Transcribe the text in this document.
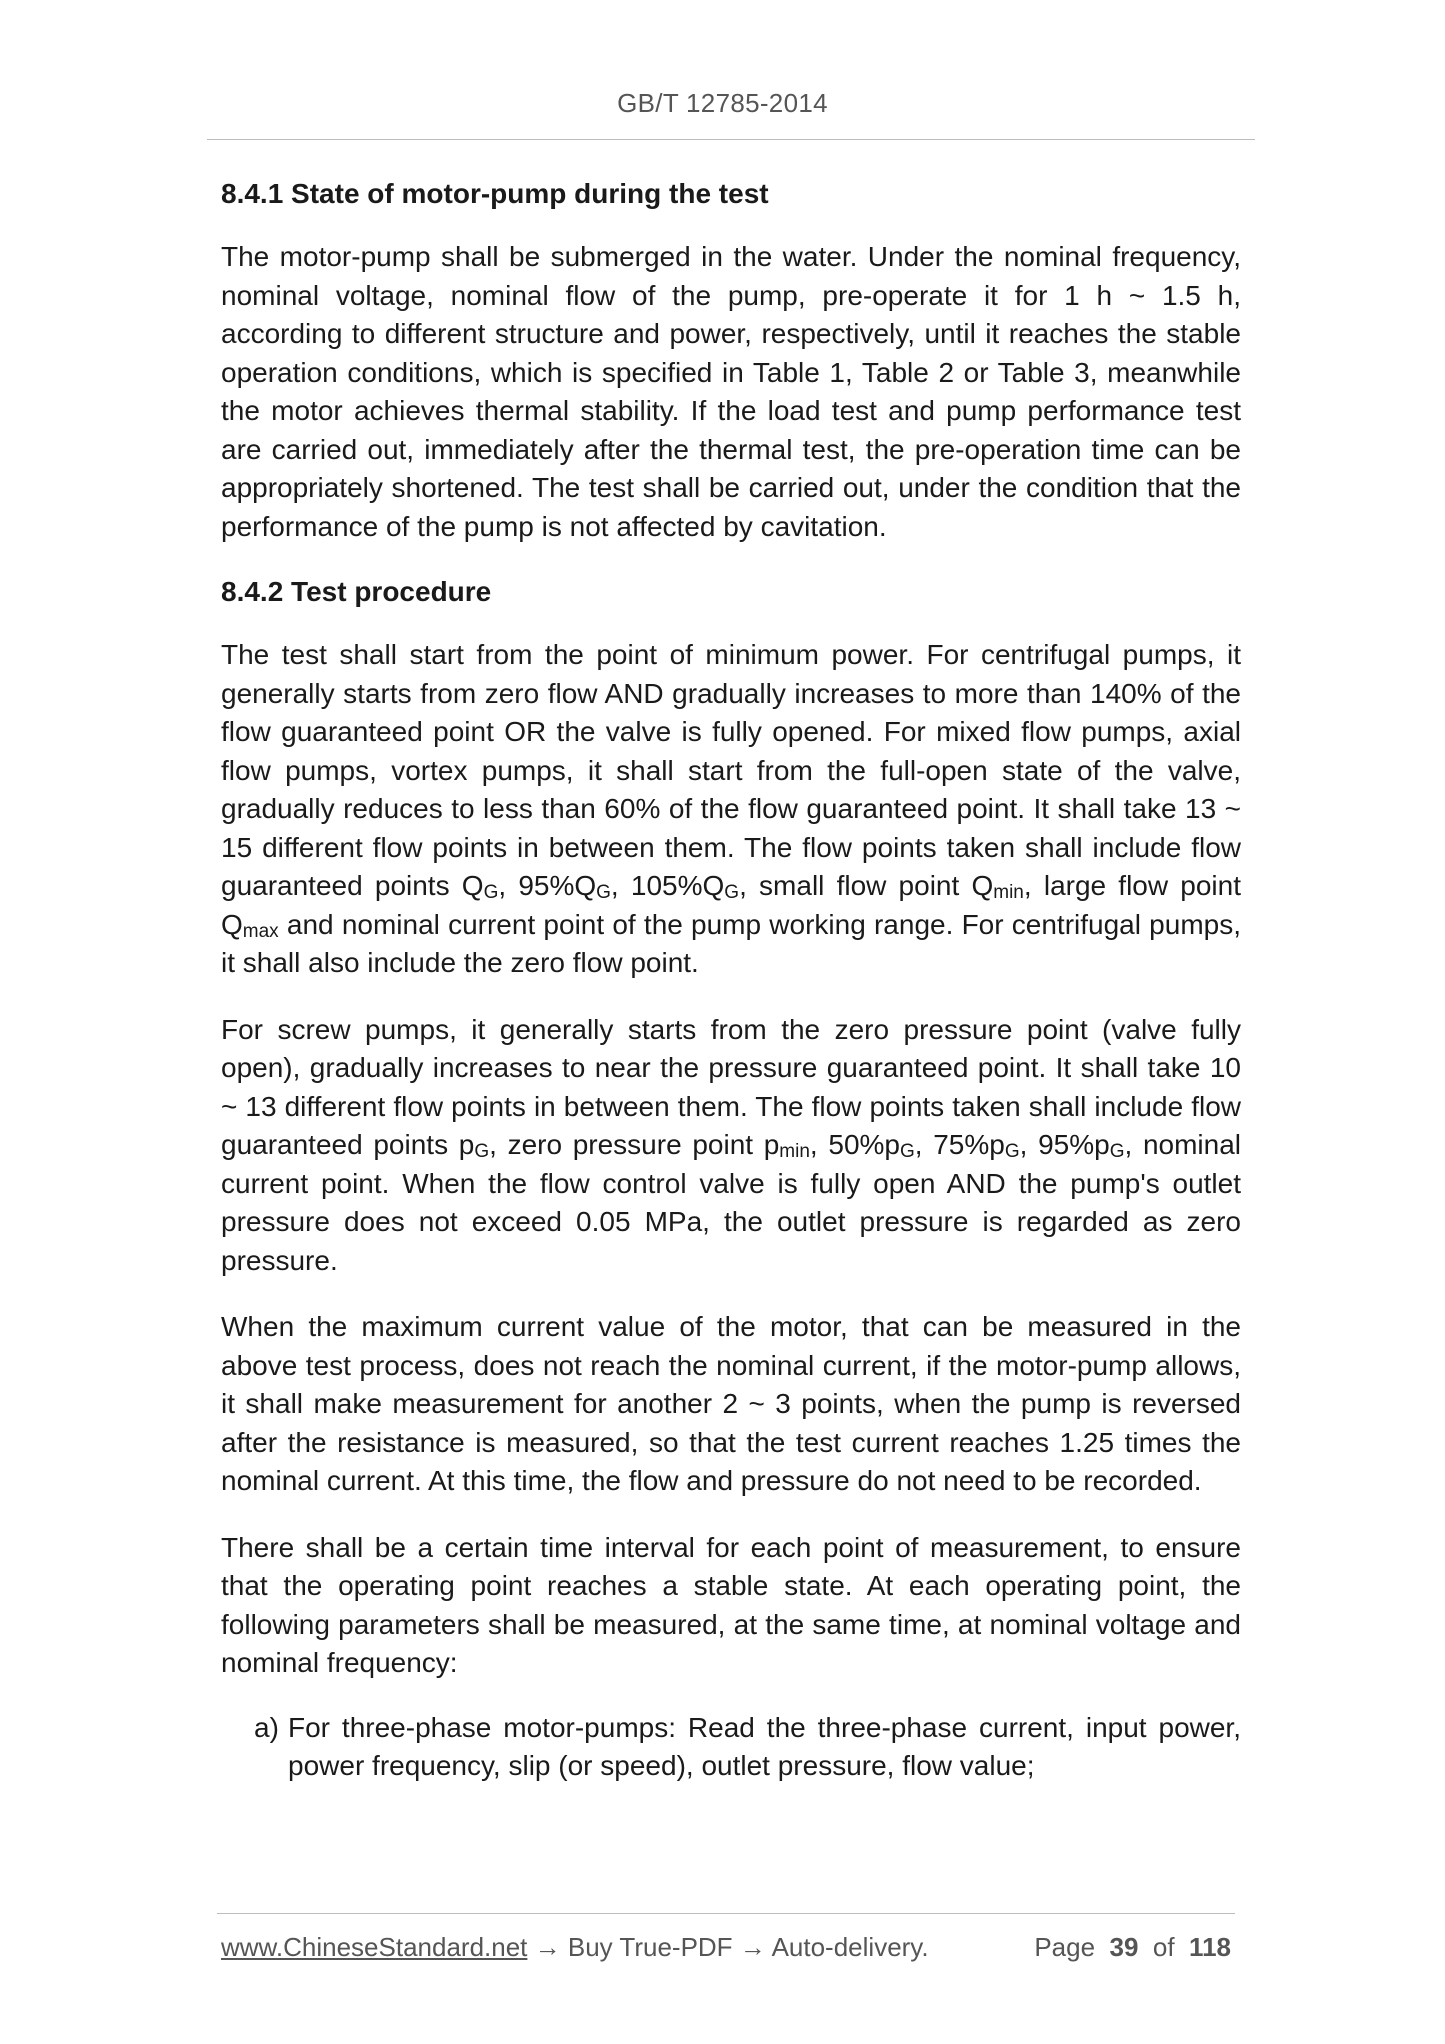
GB/T 12785-2014
8.4.1 State of motor-pump during the test

The motor-pump shall be submerged in the water. Under the nominal frequency, nominal voltage, nominal flow of the pump, pre-operate it for 1 h ~ 1.5 h, according to different structure and power, respectively, until it reaches the stable operation conditions, which is specified in Table 1, Table 2 or Table 3, meanwhile the motor achieves thermal stability. If the load test and pump performance test are carried out, immediately after the thermal test, the pre-operation time can be appropriately shortened. The test shall be carried out, under the condition that the performance of the pump is not affected by cavitation.

8.4.2 Test procedure

The test shall start from the point of minimum power. For centrifugal pumps, it generally starts from zero flow AND gradually increases to more than 140% of the flow guaranteed point OR the valve is fully opened. For mixed flow pumps, axial flow pumps, vortex pumps, it shall start from the full-open state of the valve, gradually reduces to less than 60% of the flow guaranteed point. It shall take 13 ~ 15 different flow points in between them. The flow points taken shall include flow guaranteed points $Q_G$, $95\%Q_G$, $105\%Q_G$, small flow point $Q_{min}$, large flow point $Q_{max}$ and nominal current point of the pump working range. For centrifugal pumps, it shall also include the zero flow point.

For screw pumps, it generally starts from the zero pressure point (valve fully open), gradually increases to near the pressure guaranteed point. It shall take 10 ~ 13 different flow points in between them. The flow points taken shall include flow guaranteed points $p_G$, zero pressure point $p_{min}$, $50\%p_G$, $75\%p_G$, $95\%p_G$, nominal current point. When the flow control valve is fully open AND the pump's outlet pressure does not exceed 0.05 MPa, the outlet pressure is regarded as zero pressure.

When the maximum current value of the motor, that can be measured in the above test process, does not reach the nominal current, if the motor-pump allows, it shall make measurement for another 2 ~ 3 points, when the pump is reversed after the resistance is measured, so that the test current reaches 1.25 times the nominal current. At this time, the flow and pressure do not need to be recorded.

There shall be a certain time interval for each point of measurement, to ensure that the operating point reaches a stable state. At each operating point, the following parameters shall be measured, at the same time, at nominal voltage and nominal frequency:

a) For three-phase motor-pumps: Read the three-phase current, input power, power frequency, slip (or speed), outlet pressure, flow value;
www.ChineseStandard.net → Buy True-PDF → Auto-delivery.	Page 39 of 118
